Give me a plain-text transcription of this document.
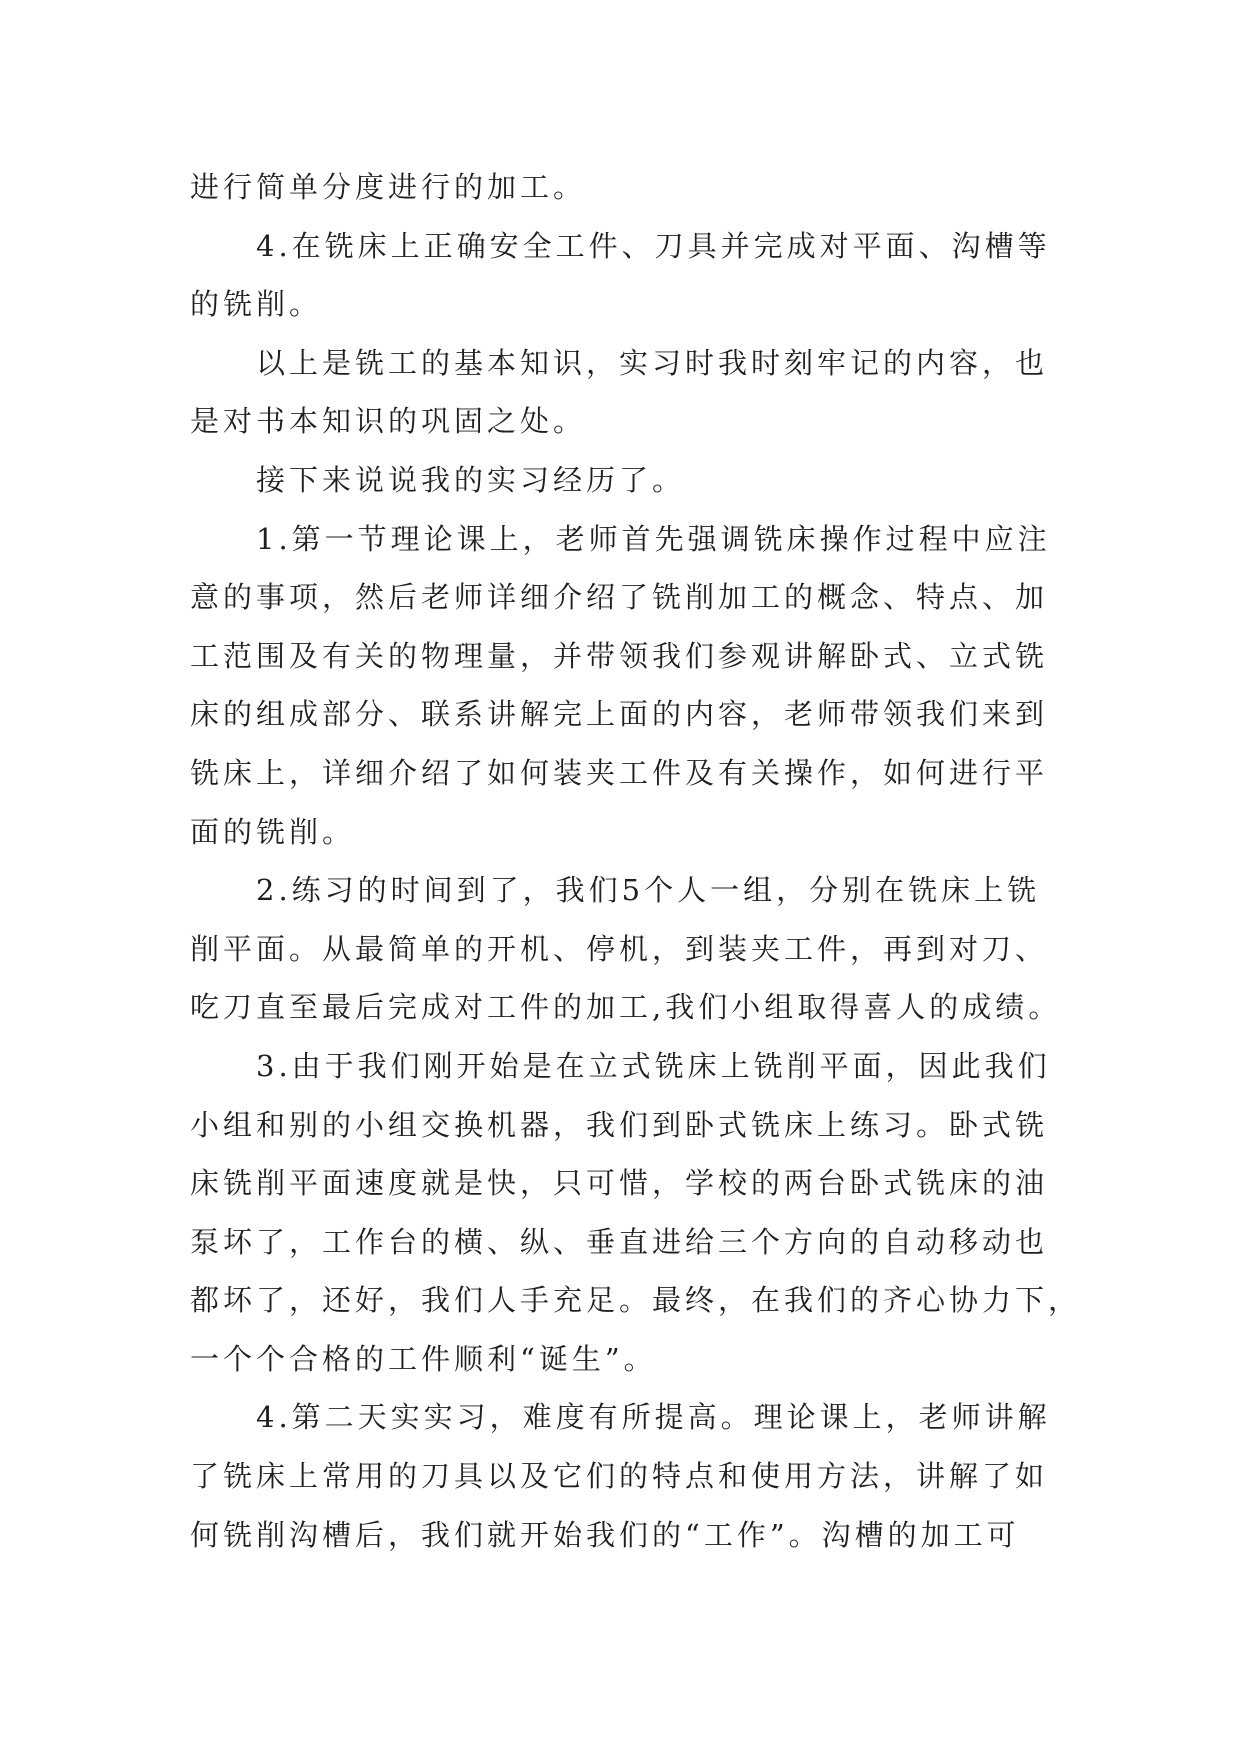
进行简单分度进行的加工。
4.在铣床上正确安全工件、刀具并完成对平面、沟槽等
的铣削。
以上是铣工的基本知识，实习时我时刻牢记的内容，也
是对书本知识的巩固之处。
接下来说说我的实习经历了。
1.第一节理论课上，老师首先强调铣床操作过程中应注
意的事项，然后老师详细介绍了铣削加工的概念、特点、加
工范围及有关的物理量，并带领我们参观讲解卧式、立式铣
床的组成部分、联系讲解完上面的内容，老师带领我们来到
铣床上，详细介绍了如何装夹工件及有关操作，如何进行平
面的铣削。
2.练习的时间到了，我们5个人一组，分别在铣床上铣
削平面。从最简单的开机、停机，到装夹工件，再到对刀、
吃刀直至最后完成对工件的加工,我们小组取得喜人的成绩。
3.由于我们刚开始是在立式铣床上铣削平面，因此我们
小组和别的小组交换机器，我们到卧式铣床上练习。卧式铣
床铣削平面速度就是快，只可惜，学校的两台卧式铣床的油
泵坏了，工作台的横、纵、垂直进给三个方向的自动移动也
都坏了，还好，我们人手充足。最终，在我们的齐心协力下，
一个个合格的工件顺利“诞生”。
4.第二天实实习，难度有所提高。理论课上，老师讲解
了铣床上常用的刀具以及它们的特点和使用方法，讲解了如
何铣削沟槽后，我们就开始我们的“工作”。沟槽的加工可
